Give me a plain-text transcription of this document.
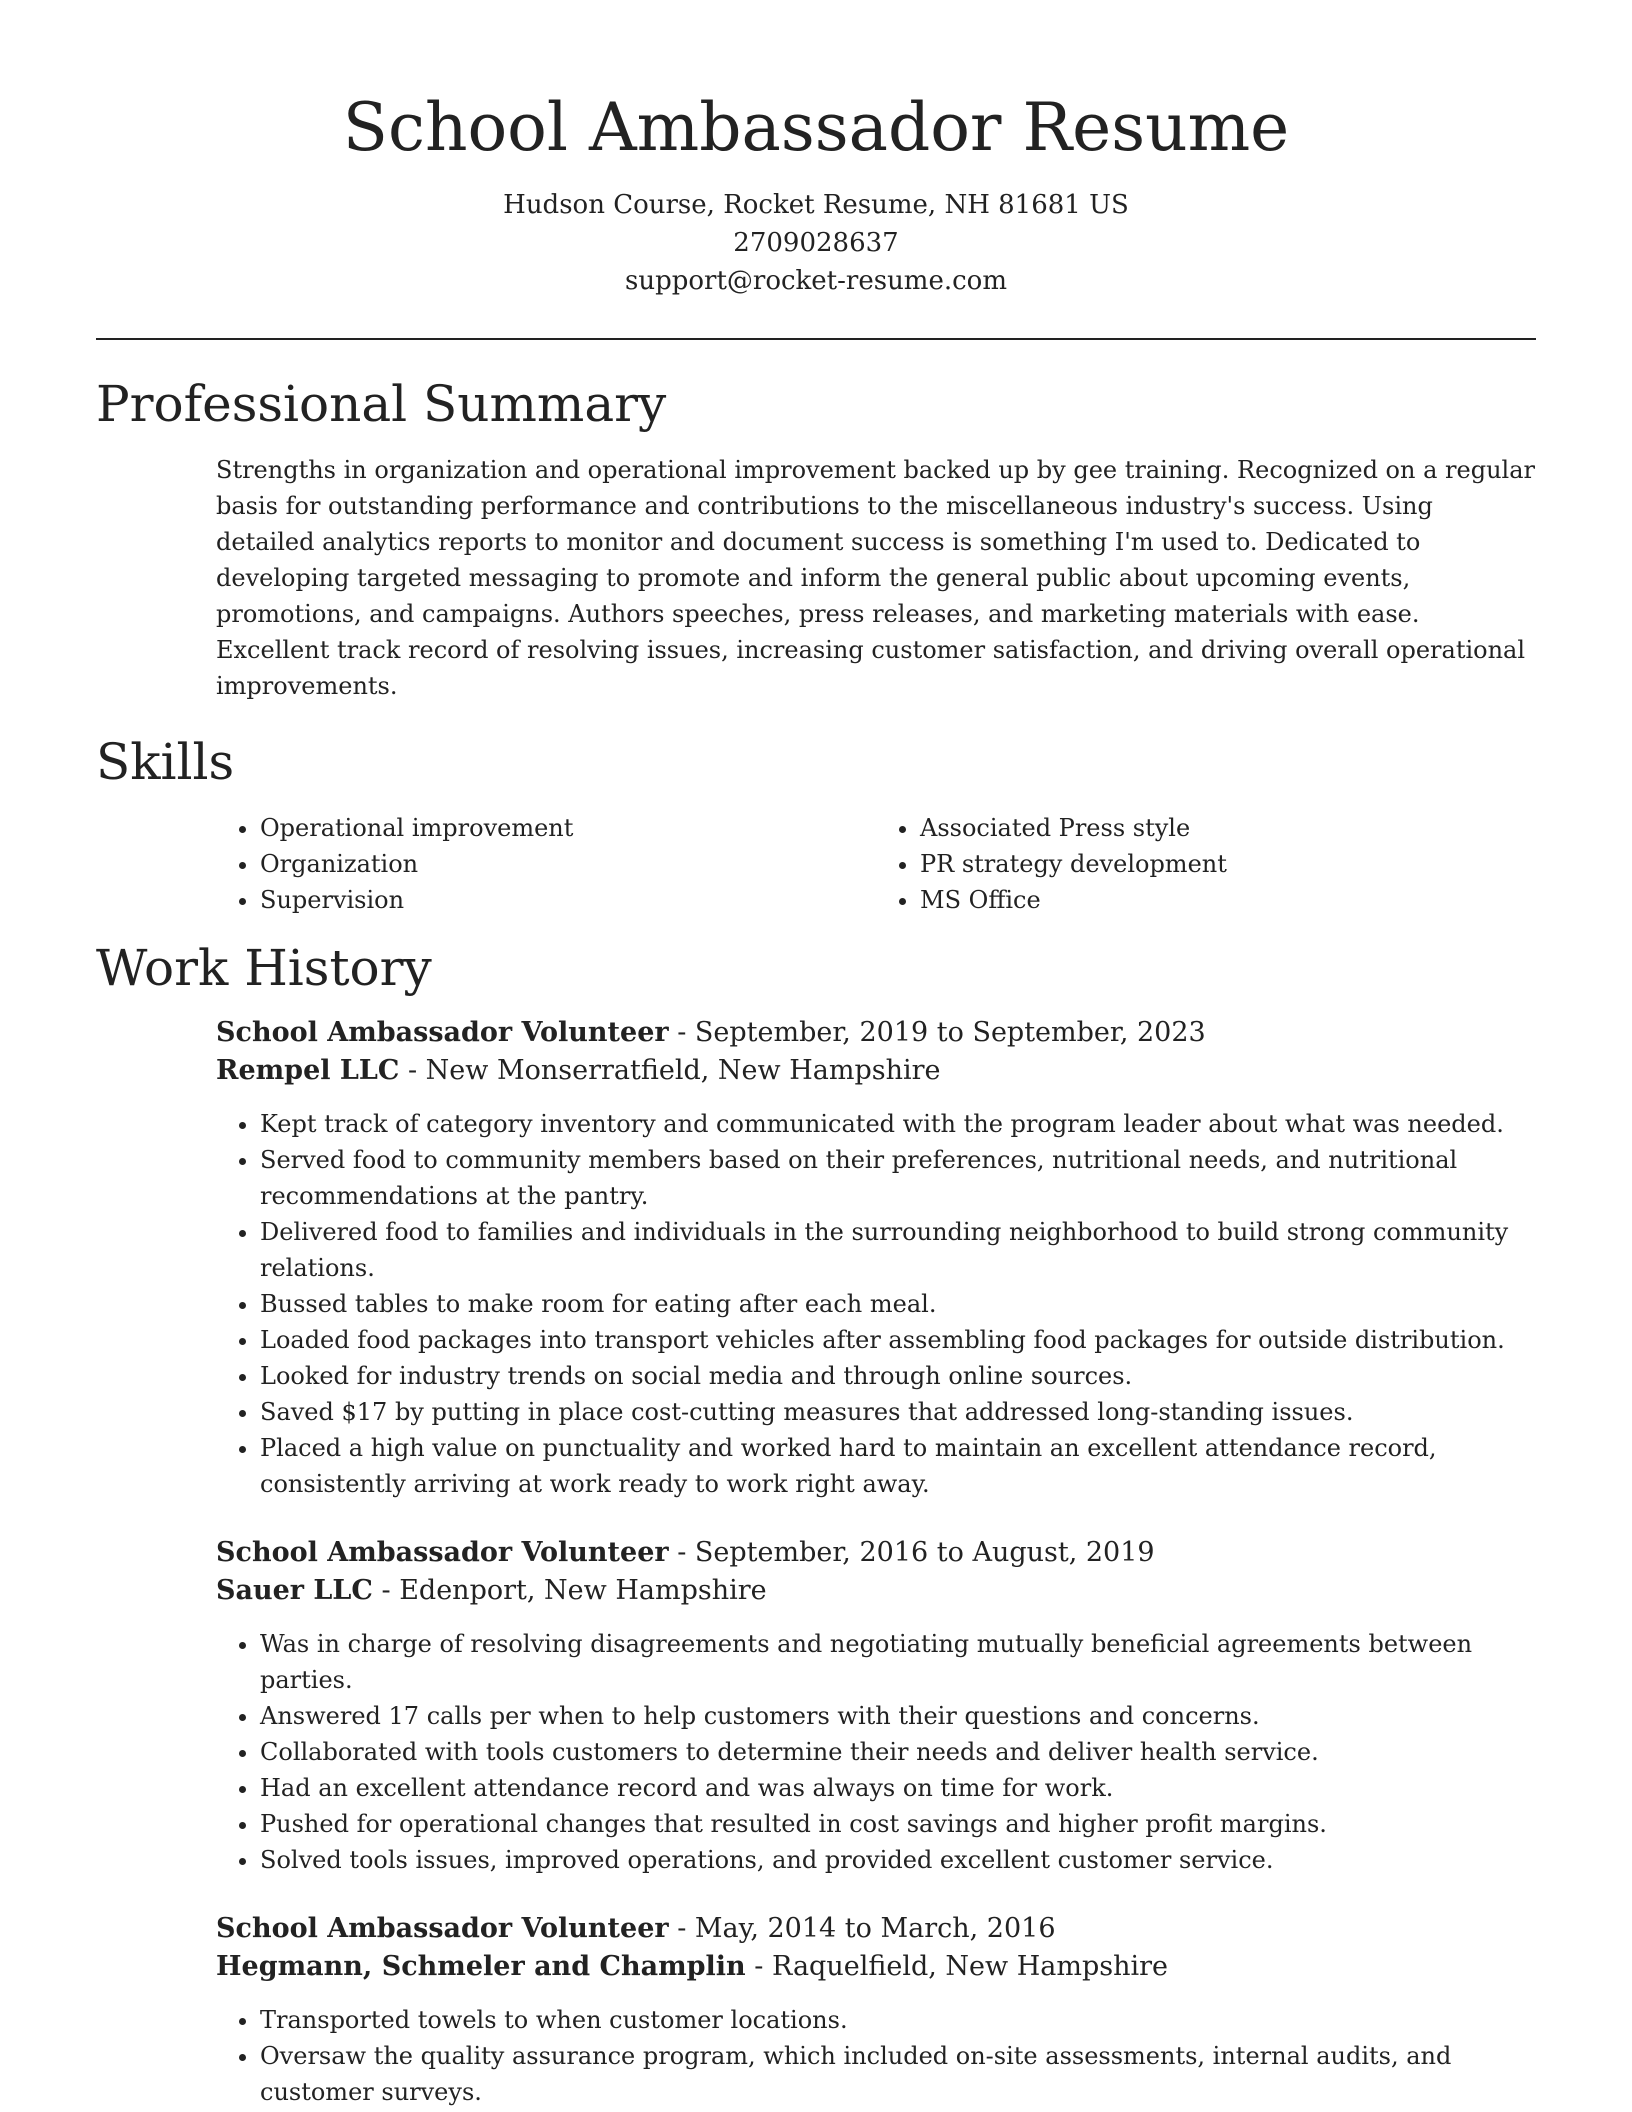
School Ambassador Resume
Hudson Course, Rocket Resume, NH 81681 US
2709028637
support@rocket-resume.com
Professional Summary
Strengths in organization and operational improvement backed up by gee training. Recognized on a regular basis for outstanding performance and contributions to the miscellaneous industry's success. Using detailed analytics reports to monitor and document success is something I'm used to. Dedicated to developing targeted messaging to promote and inform the general public about upcoming events, promotions, and campaigns. Authors speeches, press releases, and marketing materials with ease. Excellent track record of resolving issues, increasing customer satisfaction, and driving overall operational improvements.
Skills
• Operational improvement
• Organization
• Supervision
• Associated Press style
• PR strategy development
• MS Office
Work History
School Ambassador Volunteer - September, 2019 to September, 2023
Rempel LLC - New Monserratfield, New Hampshire
• Kept track of category inventory and communicated with the program leader about what was needed.
• Served food to community members based on their preferences, nutritional needs, and nutritional recommendations at the pantry.
• Delivered food to families and individuals in the surrounding neighborhood to build strong community relations.
• Bussed tables to make room for eating after each meal.
• Loaded food packages into transport vehicles after assembling food packages for outside distribution.
• Looked for industry trends on social media and through online sources.
• Saved $17 by putting in place cost-cutting measures that addressed long-standing issues.
• Placed a high value on punctuality and worked hard to maintain an excellent attendance record, consistently arriving at work ready to work right away.
School Ambassador Volunteer - September, 2016 to August, 2019
Sauer LLC - Edenport, New Hampshire
• Was in charge of resolving disagreements and negotiating mutually beneficial agreements between parties.
• Answered 17 calls per when to help customers with their questions and concerns.
• Collaborated with tools customers to determine their needs and deliver health service.
• Had an excellent attendance record and was always on time for work.
• Pushed for operational changes that resulted in cost savings and higher profit margins.
• Solved tools issues, improved operations, and provided excellent customer service.
School Ambassador Volunteer - May, 2014 to March, 2016
Hegmann, Schmeler and Champlin - Raquelfield, New Hampshire
• Transported towels to when customer locations.
• Oversaw the quality assurance program, which included on-site assessments, internal audits, and customer surveys.
